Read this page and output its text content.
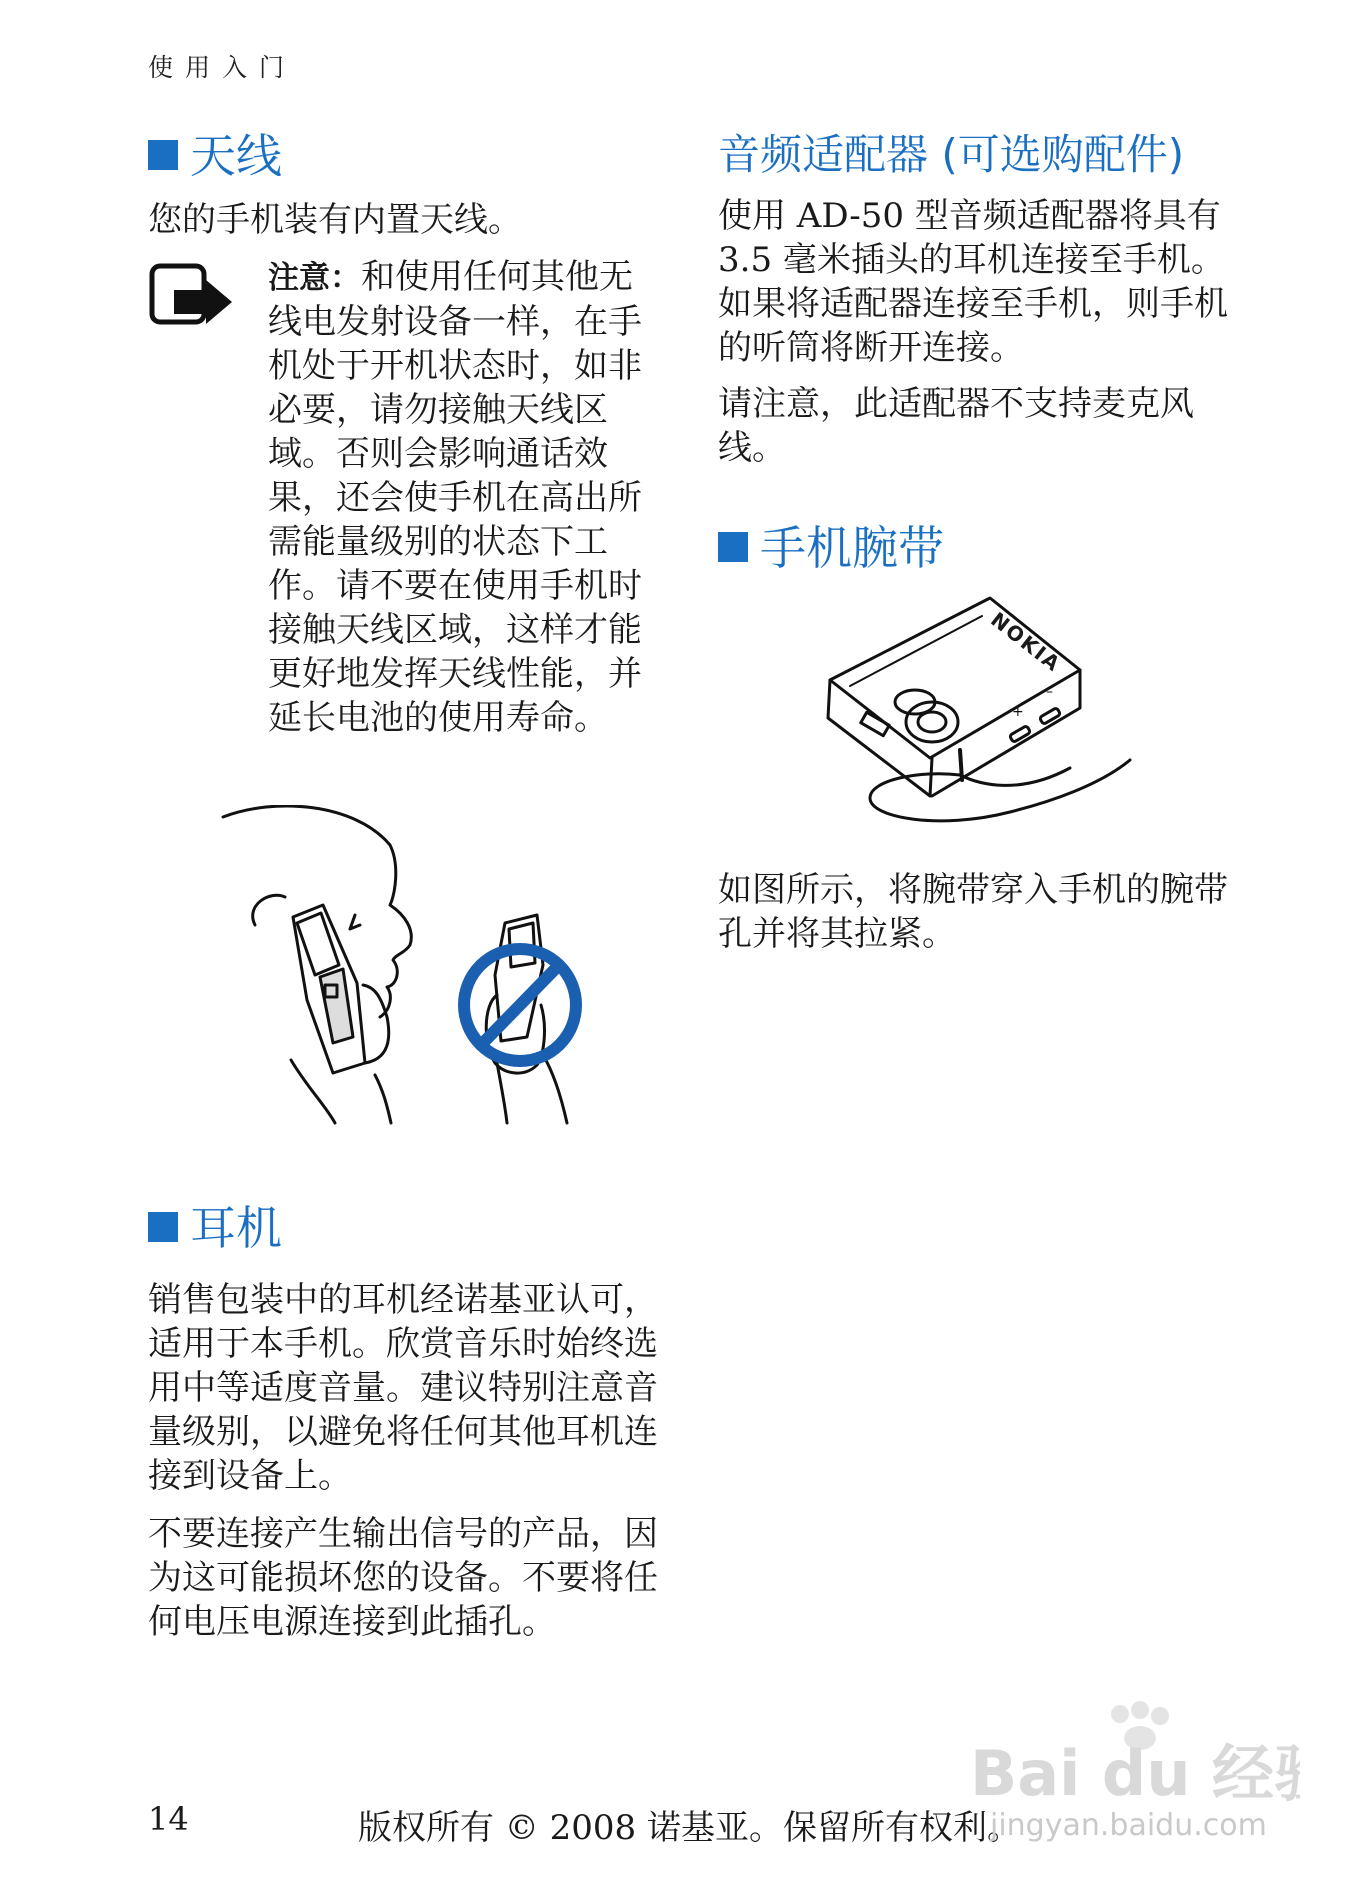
使用入门
天线

您的手机装有内置天线。

注意：和使用任何其他无线电发射设备一样，在手机处于开机状态时，如非必要，请勿接触天线区域。否则会影响通话效果，还会使手机在高出所需能量级别的状态下工作。请不要在使用手机时接触天线区域，这样才能更好地发挥天线性能，并延长电池的使用寿命。

耳机

销售包装中的耳机经诺基亚认可，适用于本手机。欣赏音乐时始终选用中等适度音量。建议特别注意音量级别，以避免将任何其他耳机连接到设备上。

不要连接产生输出信号的产品，因为这可能损坏您的设备。不要将任何电压电源连接到此插孔。

音频适配器 (可选购配件)

使用 AD-50 型音频适配器将具有 3.5 毫米插头的耳机连接至手机。如果将适配器连接至手机，则手机的听筒将断开连接。

请注意，此适配器不支持麦克风线。

手机腕带
+
–
NOKIA

如图所示，将腕带穿入手机的腕带孔并将其拉紧。

14	版权所有 © 2008 诺基亚。保留所有权利。
Bai du 经验
jingyan.baidu.com
